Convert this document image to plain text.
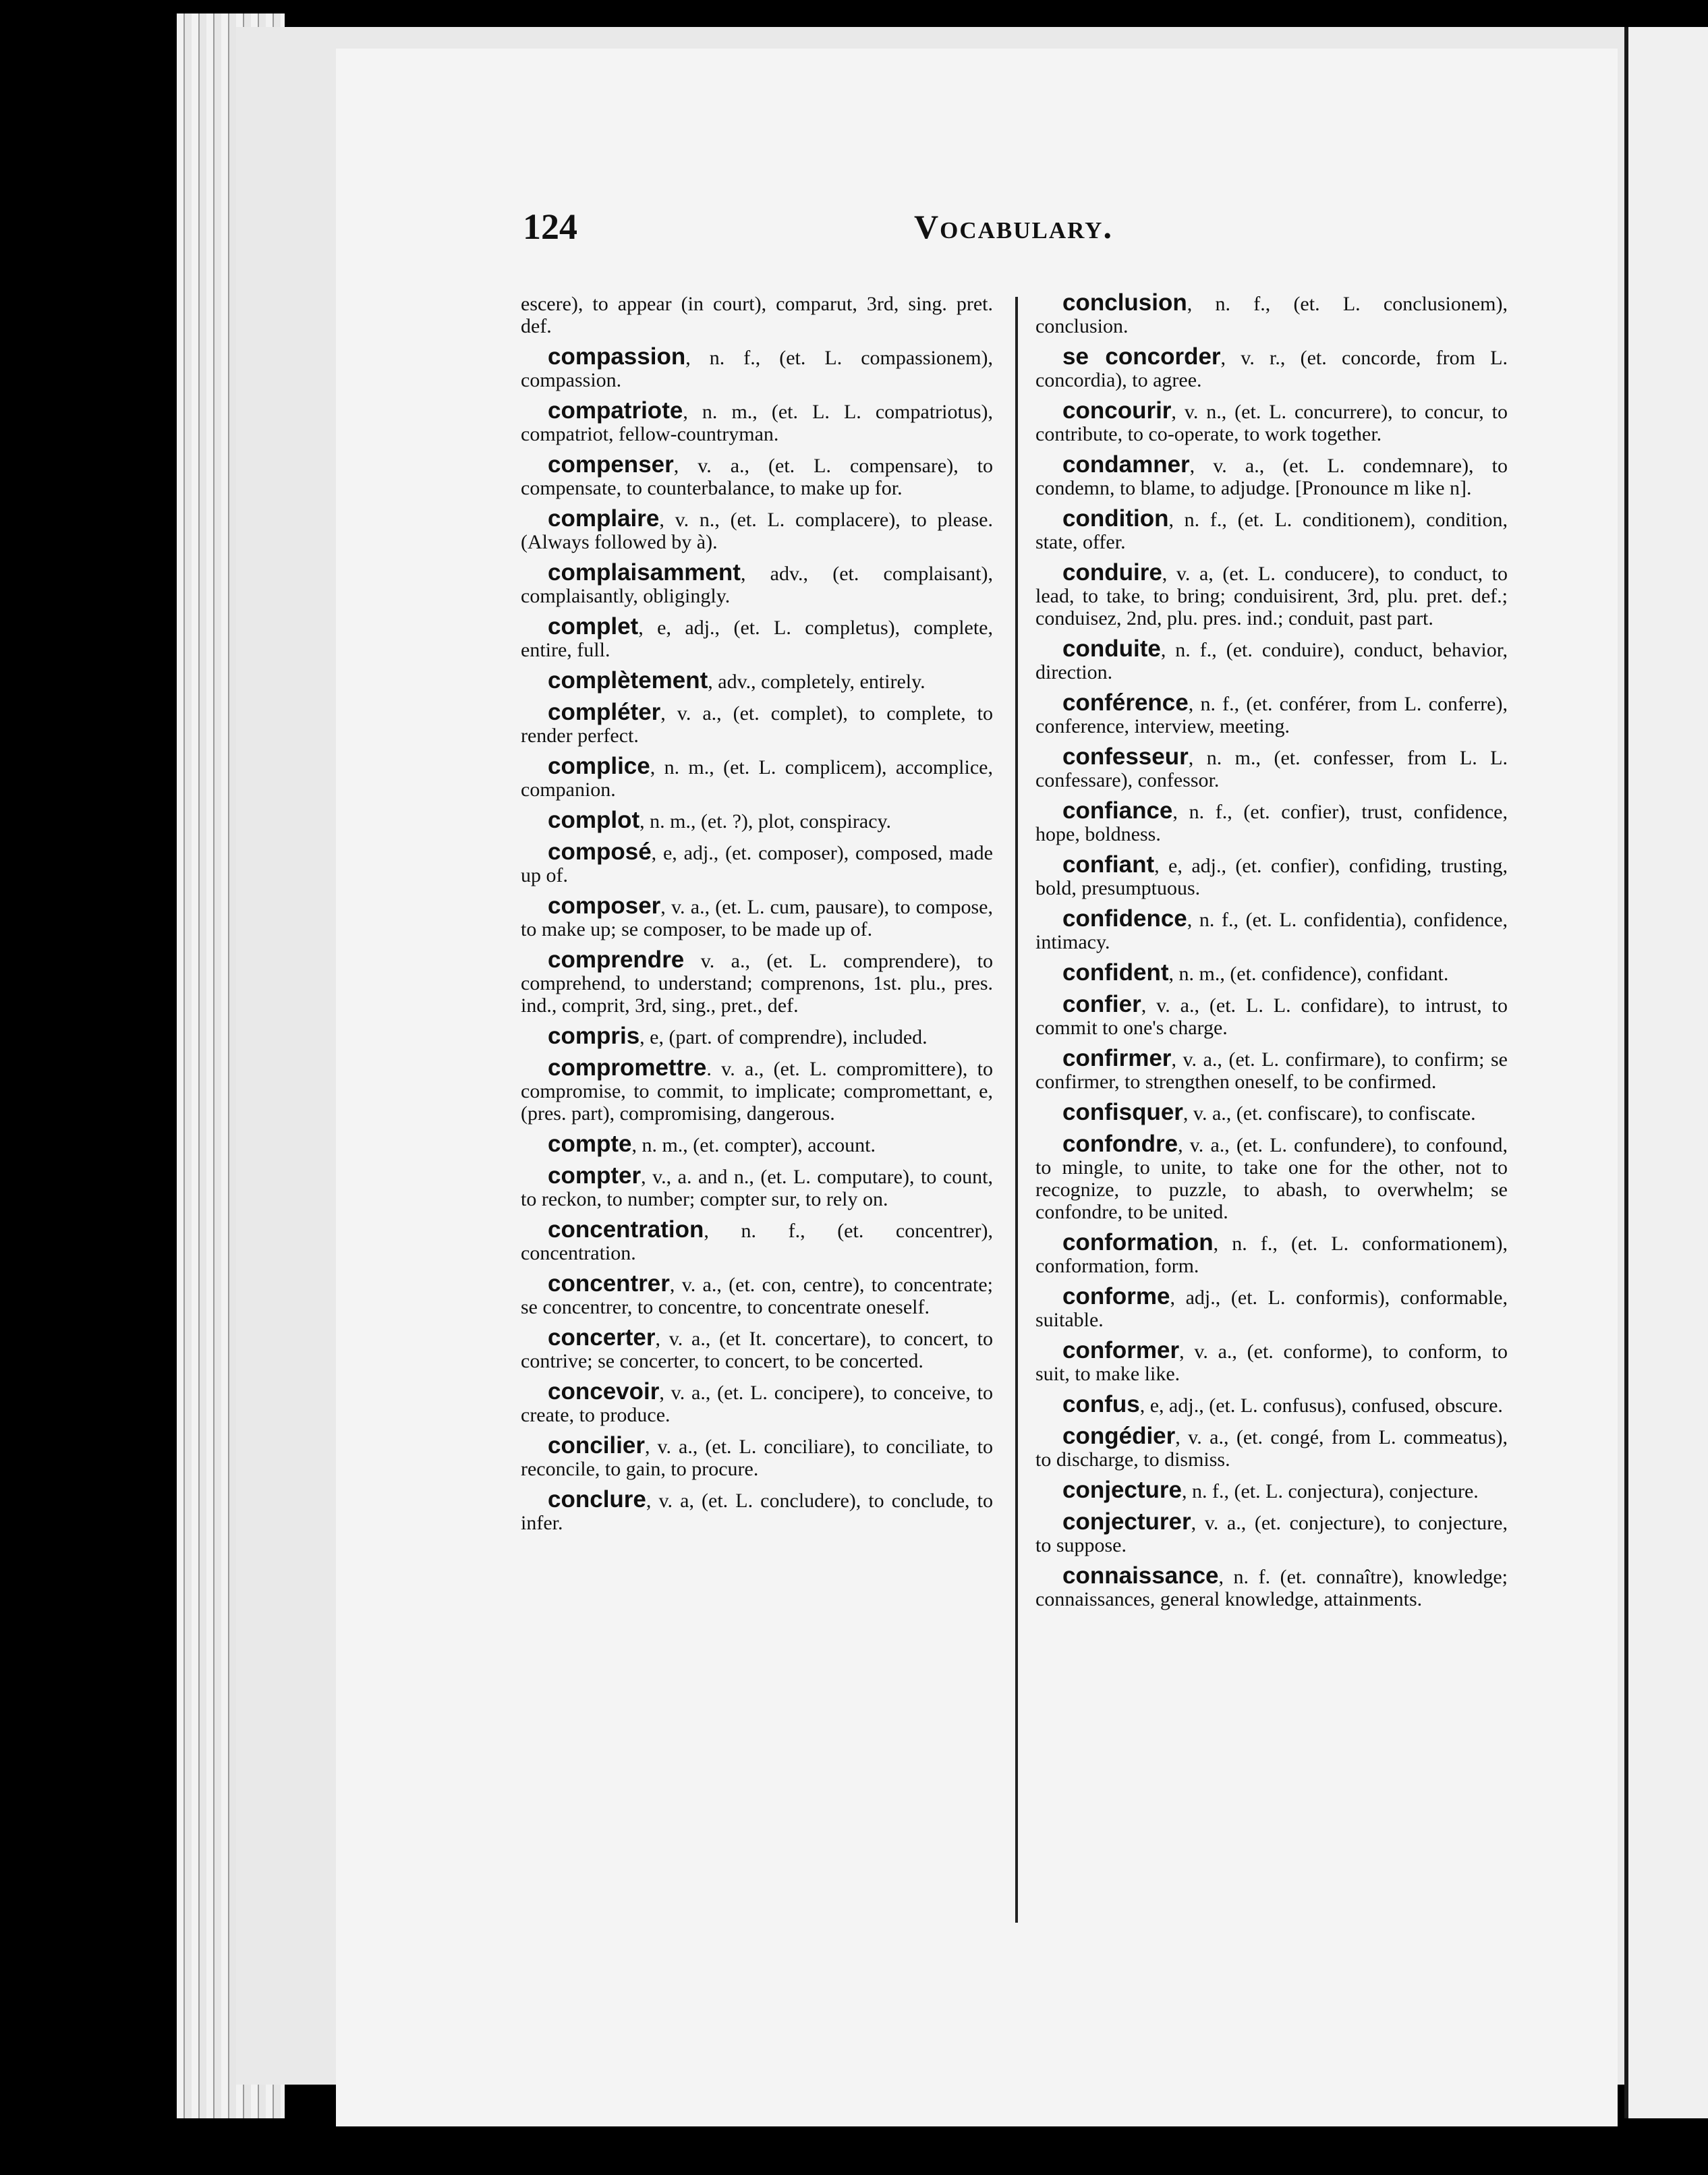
124	Vocabulary.

escere), to appear (in court), comparut, 3rd, sing. pret. def.

compassion, n. f., (et. L. compassionem), compassion.

compatriote, n. m., (et. L. L. compatriotus), compatriot, fellow-countryman.

compenser, v. a., (et. L. compensare), to compensate, to counterbalance, to make up for.

complaire, v. n., (et. L. complacere), to please. (Always followed by à).

complaisamment, adv., (et. complaisant), complaisantly, obligingly.

complet, e, adj., (et. L. completus), complete, entire, full.

complètement, adv., completely, entirely.

compléter, v. a., (et. complet), to complete, to render perfect.

complice, n. m., (et. L. complicem), accomplice, companion.

complot, n. m., (et. ?), plot, conspiracy.

composé, e, adj., (et. composer), composed, made up of.

composer, v. a., (et. L. cum, pausare), to compose, to make up; se composer, to be made up of.

comprendre v. a., (et. L. comprendere), to comprehend, to understand; comprenons, 1st. plu., pres. ind., comprit, 3rd, sing., pret., def.

compris, e, (part. of comprendre), included.

compromettre. v. a., (et. L. compromittere), to compromise, to commit, to implicate; compromettant, e, (pres. part), compromising, dangerous.

compte, n. m., (et. compter), account.

compter, v., a. and n., (et. L. computare), to count, to reckon, to number; compter sur, to rely on.

concentration, n. f., (et. concentrer), concentration.

concentrer, v. a., (et. con, centre), to concentrate; se concentrer, to concentre, to concentrate oneself.

concerter, v. a., (et It. concertare), to concert, to contrive; se concerter, to concert, to be concerted.

concevoir, v. a., (et. L. concipere), to conceive, to create, to produce.

concilier, v. a., (et. L. conciliare), to conciliate, to reconcile, to gain, to procure.

conclure, v. a, (et. L. concludere), to conclude, to infer.

conclusion, n. f., (et. L. conclusionem), conclusion.

se concorder, v. r., (et. concorde, from L. concordia), to agree.

concourir, v. n., (et. L. concurrere), to concur, to contribute, to co-operate, to work together.

condamner, v. a., (et. L. condemnare), to condemn, to blame, to adjudge. [Pronounce m like n].

condition, n. f., (et. L. conditionem), condition, state, offer.

conduire, v. a, (et. L. conducere), to conduct, to lead, to take, to bring; conduisirent, 3rd, plu. pret. def.; conduisez, 2nd, plu. pres. ind.; conduit, past part.

conduite, n. f., (et. conduire), conduct, behavior, direction.

conférence, n. f., (et. conférer, from L. conferre), conference, interview, meeting.

confesseur, n. m., (et. confesser, from L. L. confessare), confessor.

confiance, n. f., (et. confier), trust, confidence, hope, boldness.

confiant, e, adj., (et. confier), confiding, trusting, bold, presumptuous.

confidence, n. f., (et. L. confidentia), confidence, intimacy.

confident, n. m., (et. confidence), confidant.

confier, v. a., (et. L. L. confidare), to intrust, to commit to one's charge.

confirmer, v. a., (et. L. confirmare), to confirm; se confirmer, to strengthen oneself, to be confirmed.

confisquer, v. a., (et. confiscare), to confiscate.

confondre, v. a., (et. L. confundere), to confound, to mingle, to unite, to take one for the other, not to recognize, to puzzle, to abash, to overwhelm; se confondre, to be united.

conformation, n. f., (et. L. conformationem), conformation, form.

conforme, adj., (et. L. conformis), conformable, suitable.

conformer, v. a., (et. conforme), to conform, to suit, to make like.

confus, e, adj., (et. L. confusus), confused, obscure.

congédier, v. a., (et. congé, from L. commeatus), to discharge, to dismiss.

conjecture, n. f., (et. L. conjectura), conjecture.

conjecturer, v. a., (et. conjecture), to conjecture, to suppose.

connaissance, n. f. (et. connaître), knowledge; connaissances, general knowledge, attainments.
